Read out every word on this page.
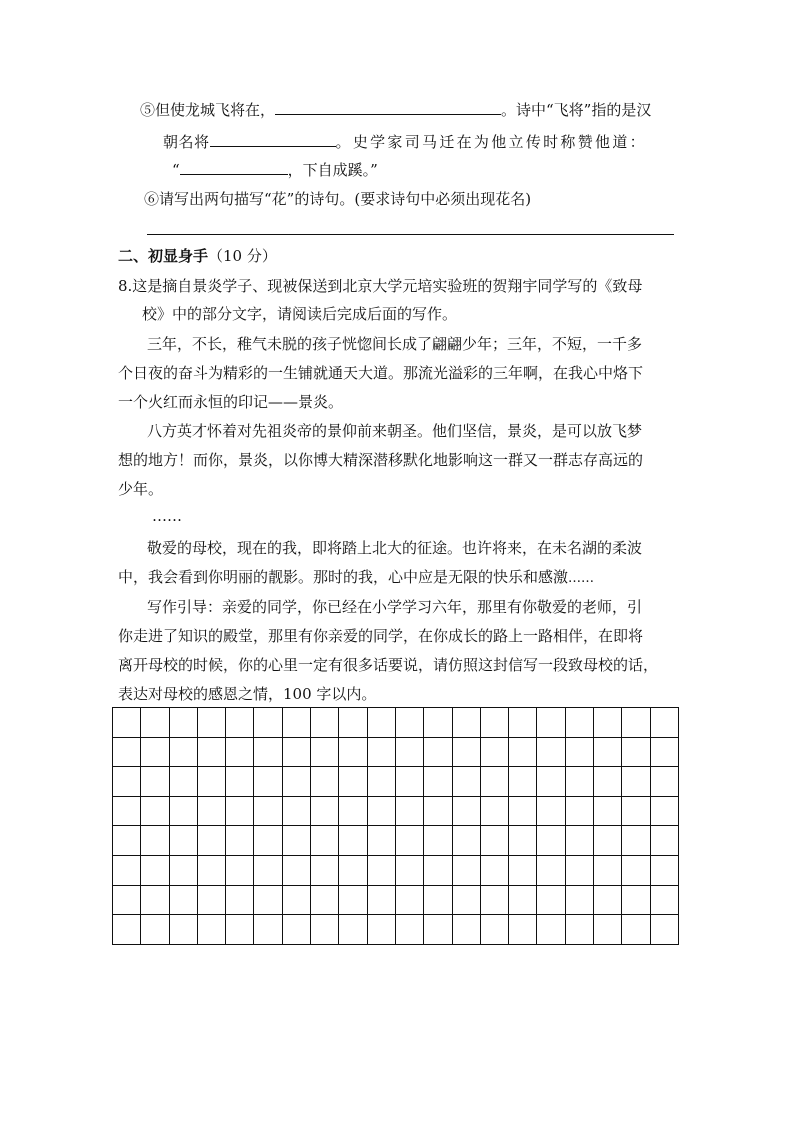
⑤但使龙城飞将在，	。诗中“飞将”指的是汉
朝名将	。史学家司马迁在为他立传时称赞他道：
“	，下自成蹊。”
⑥请写出两句描写“花”的诗句。(要求诗句中必须出现花名)
二、初显身手（10 分）
8.这是摘自景炎学子、现被保送到北京大学元培实验班的贺翔宇同学写的《致母
校》中的部分文字，请阅读后完成后面的写作。
三年，不长，稚气未脱的孩子恍惚间长成了翩翩少年；三年，不短，一千多
个日夜的奋斗为精彩的一生铺就通天大道。那流光溢彩的三年啊，在我心中烙下
一个火红而永恒的印记——景炎。
八方英才怀着对先祖炎帝的景仰前来朝圣。他们坚信，景炎，是可以放飞梦
想的地方！而你，景炎，以你博大精深潜移默化地影响这一群又一群志存高远的
少年。
……
敬爱的母校，现在的我，即将踏上北大的征途。也许将来，在未名湖的柔波
中，我会看到你明丽的靓影。那时的我，心中应是无限的快乐和感激……
写作引导：亲爱的同学，你已经在小学学习六年，那里有你敬爱的老师，引
你走进了知识的殿堂，那里有你亲爱的同学，在你成长的路上一路相伴，在即将
离开母校的时候，你的心里一定有很多话要说，请仿照这封信写一段致母校的话，
表达对母校的感恩之情，100 字以内。
